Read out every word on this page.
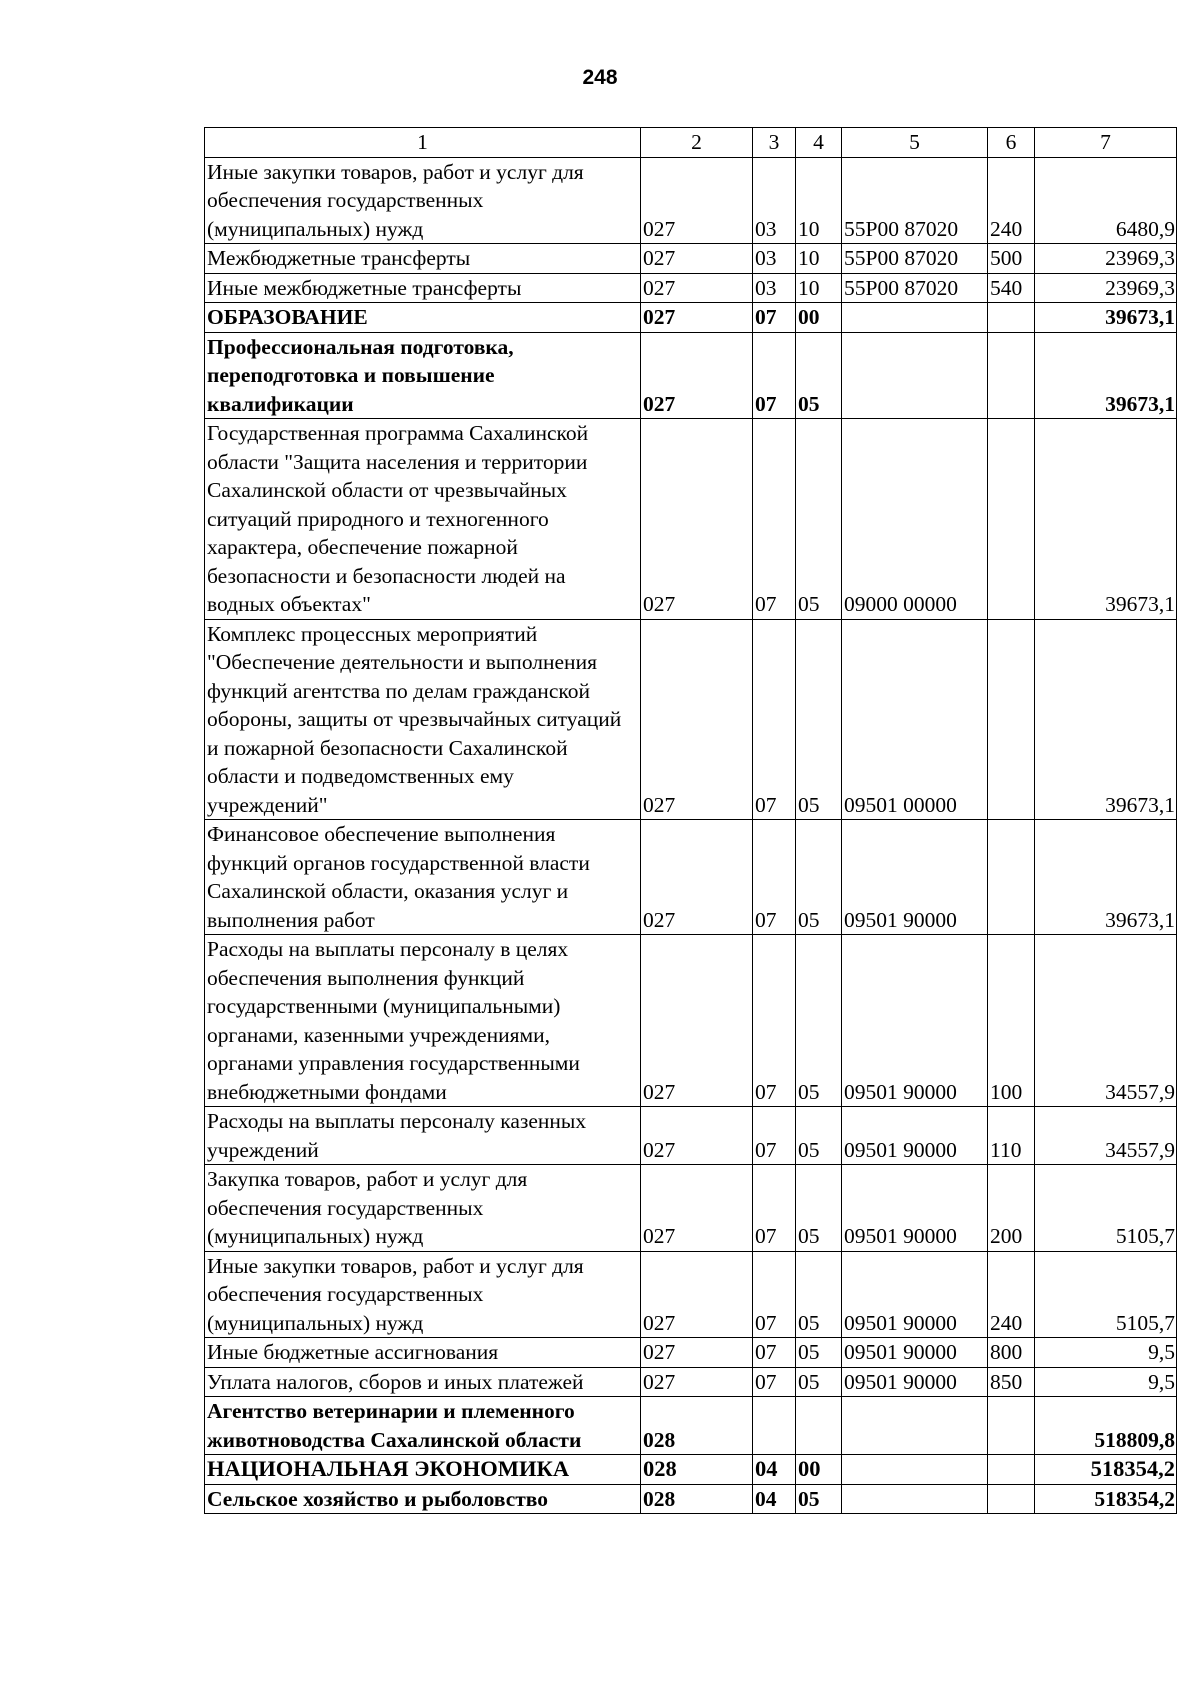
248
1	2	3	4	5	6	7
Иные закупки товаров, работ и услуг для обеспечения государственных (муниципальных) нужд	027	03	10	55Р00 87020	240	6480,9
Межбюджетные трансферты	027	03	10	55Р00 87020	500	23969,3
Иные межбюджетные трансферты	027	03	10	55Р00 87020	540	23969,3
ОБРАЗОВАНИЕ	027	07	00			39673,1
Профессиональная подготовка, переподготовка и повышение квалификации	027	07	05			39673,1
Государственная программа Сахалинской области "Защита населения и территории Сахалинской области от чрезвычайных ситуаций природного и техногенного характера, обеспечение пожарной безопасности и безопасности людей на водных объектах"	027	07	05	09000 00000		39673,1
Комплекс процессных мероприятий "Обеспечение деятельности и выполнения функций агентства по делам гражданской обороны, защиты от чрезвычайных ситуаций и пожарной безопасности Сахалинской области и подведомственных ему учреждений"	027	07	05	09501 00000		39673,1
Финансовое обеспечение выполнения функций органов государственной власти Сахалинской области, оказания услуг и выполнения работ	027	07	05	09501 90000		39673,1
Расходы на выплаты персоналу в целях обеспечения выполнения функций государственными (муниципальными) органами, казенными учреждениями, органами управления государственными внебюджетными фондами	027	07	05	09501 90000	100	34557,9
Расходы на выплаты персоналу казенных учреждений	027	07	05	09501 90000	110	34557,9
Закупка товаров, работ и услуг для обеспечения государственных (муниципальных) нужд	027	07	05	09501 90000	200	5105,7
Иные закупки товаров, работ и услуг для обеспечения государственных (муниципальных) нужд	027	07	05	09501 90000	240	5105,7
Иные бюджетные ассигнования	027	07	05	09501 90000	800	9,5
Уплата налогов, сборов и иных платежей	027	07	05	09501 90000	850	9,5
Агентство ветеринарии и племенного животноводства Сахалинской области	028					518809,8
НАЦИОНАЛЬНАЯ ЭКОНОМИКА	028	04	00			518354,2
Сельское хозяйство и рыболовство	028	04	05			518354,2
